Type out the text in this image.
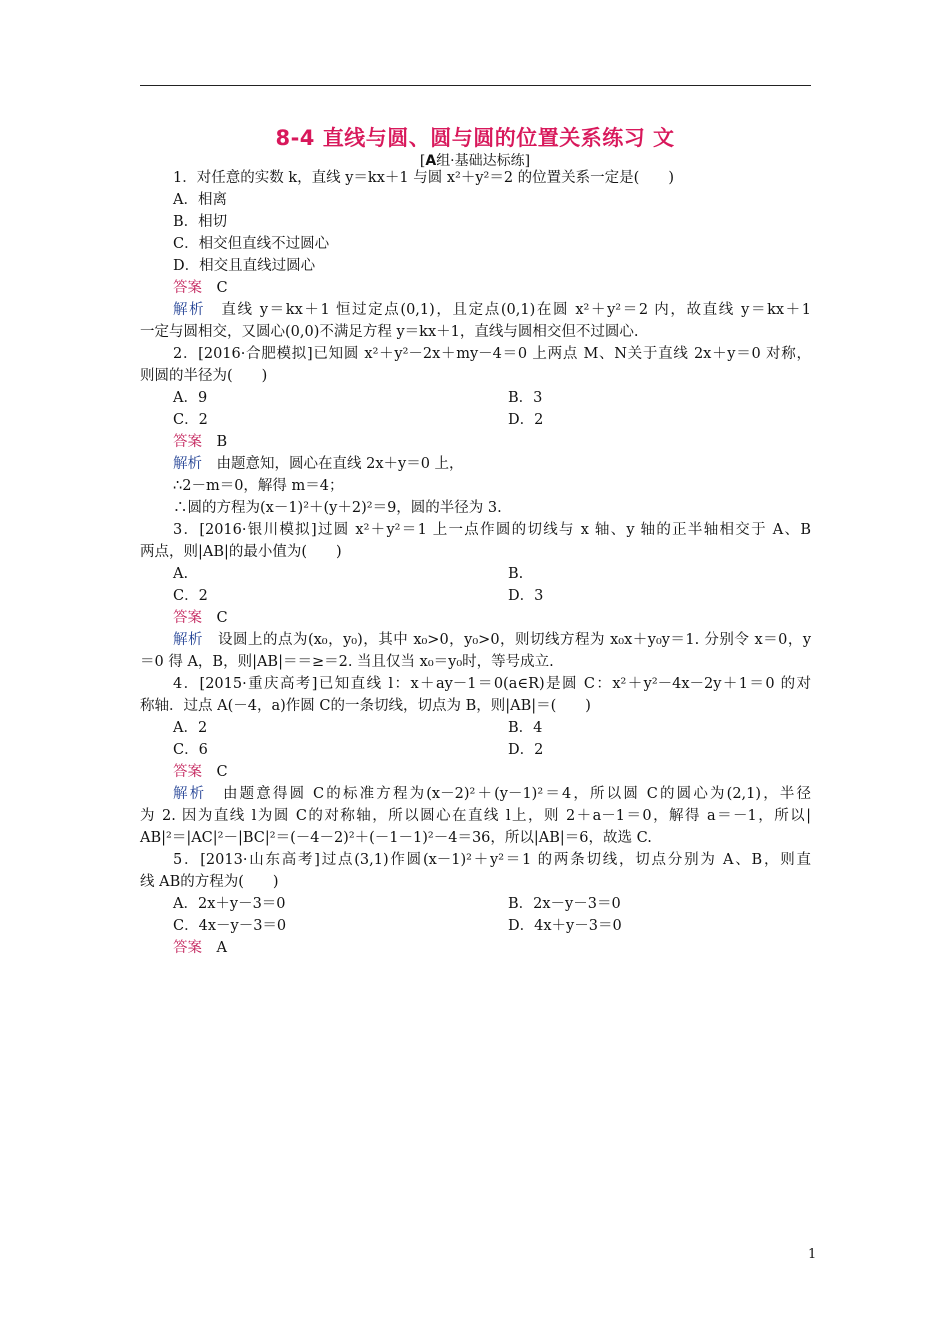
8-4 直线与圆、圆与圆的位置关系练习 文
[A组·基础达标练]
1．对任意的实数 k，直线 y＝kx＋1 与圆 x²＋y²＝2 的位置关系一定是(　　)
A．相离
B．相切
C．相交但直线不过圆心
D．相交且直线过圆心
答案  C
解析  直线 y＝kx＋1 恒过定点(0,1)，且定点(0,1)在圆 x²＋y²＝2 内，故直线 y＝kx＋1
一定与圆相交，又圆心(0,0)不满足方程 y＝kx＋1，直线与圆相交但不过圆心.
2．[2016·合肥模拟]已知圆 x²＋y²－2x＋my－4＝0 上两点 M、N关于直线 2x＋y＝0 对称，
则圆的半径为(　　)
A．9	B．3
C．2	D．2
答案  B
解析  由题意知，圆心在直线 2x＋y＝0 上，
∴2－m＝0，解得 m＝4；
∴圆的方程为(x－1)²＋(y＋2)²＝9，圆的半径为 3.
3．[2016·银川模拟]过圆 x²＋y²＝1 上一点作圆的切线与 x 轴、y 轴的正半轴相交于 A、B
两点，则|AB|的最小值为(　　)
A.	B.
C．2	D．3
答案  C
解析  设圆上的点为(x₀，y₀)，其中 x₀>0，y₀>0，则切线方程为 x₀x＋y₀y＝1. 分别令 x＝0，y
＝0 得 A，B，则|AB|＝＝≥＝2. 当且仅当 x₀＝y₀时，等号成立.
4．[2015·重庆高考]已知直线 l：x＋ay－1＝0(a∈R)是圆 C：x²＋y²－4x－2y＋1＝0 的对
称轴．过点 A(－4，a)作圆 C的一条切线，切点为 B，则|AB|＝(　　)
A．2	B．4
C．6	D．2
答案  C
解析  由题意得圆 C的标准方程为(x－2)²＋(y－1)²＝4，所以圆 C的圆心为(2,1)，半径
为 2. 因为直线 l为圆 C的对称轴，所以圆心在直线 l上，则 2＋a－1＝0，解得 a＝－1，所以|
AB|²＝|AC|²－|BC|²＝(－4－2)²＋(－1－1)²－4＝36，所以|AB|＝6，故选 C.
5．[2013·山东高考]过点(3,1)作圆(x－1)²＋y²＝1 的两条切线，切点分别为 A、B，则直
线 AB的方程为(　　)
A．2x＋y－3＝0	B．2x－y－3＝0
C．4x－y－3＝0	D．4x＋y－3＝0
答案  A
1
